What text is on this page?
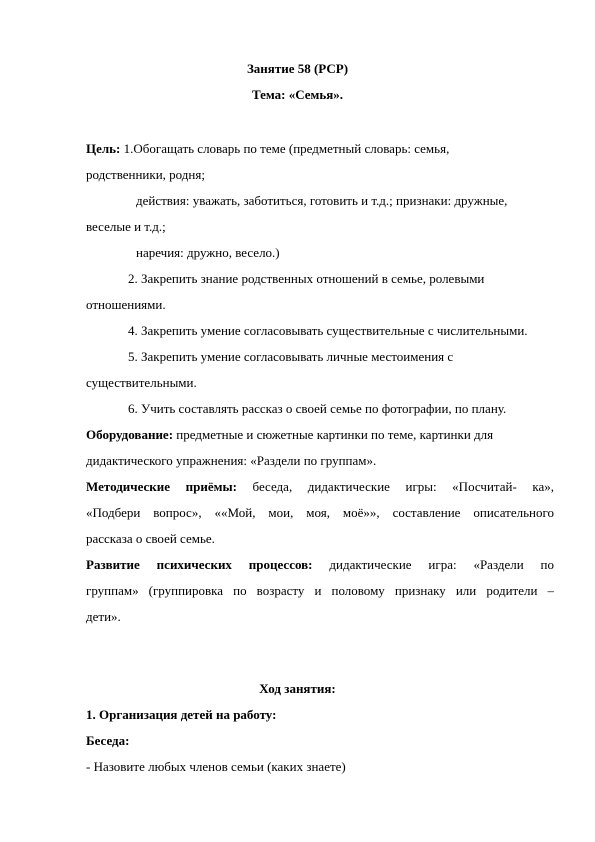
Занятие 58 (РСР)
Тема: «Семья».
Цель: 1.Обогащать словарь по теме (предметный словарь: семья,
родственники, родня;
действия: уважать, заботиться, готовить и т.д.; признаки: дружные,
веселые и т.д.;
наречия: дружно, весело.)
2. Закрепить знание родственных отношений в семье, ролевыми
отношениями.
4. Закрепить умение согласовывать существительные с числительными.
5. Закрепить умение согласовывать личные местоимения с
существительными.
6. Учить составлять рассказ о своей семье по фотографии, по плану.
Оборудование: предметные и сюжетные картинки по теме, картинки для
дидактического упражнения: «Раздели по группам».
Методические приёмы: беседа, дидактические игры: «Посчитай- ка»,
«Подбери вопрос», ««Мой, мои, моя, моё»», составление описательного
рассказа о своей семье.
Развитие психических процессов: дидактические игра: «Раздели по
группам» (группировка по возрасту и половому признаку или родители –
дети».
Ход занятия:
1. Организация детей на работу:
Беседа:
- Назовите любых членов семьи (каких знаете)
